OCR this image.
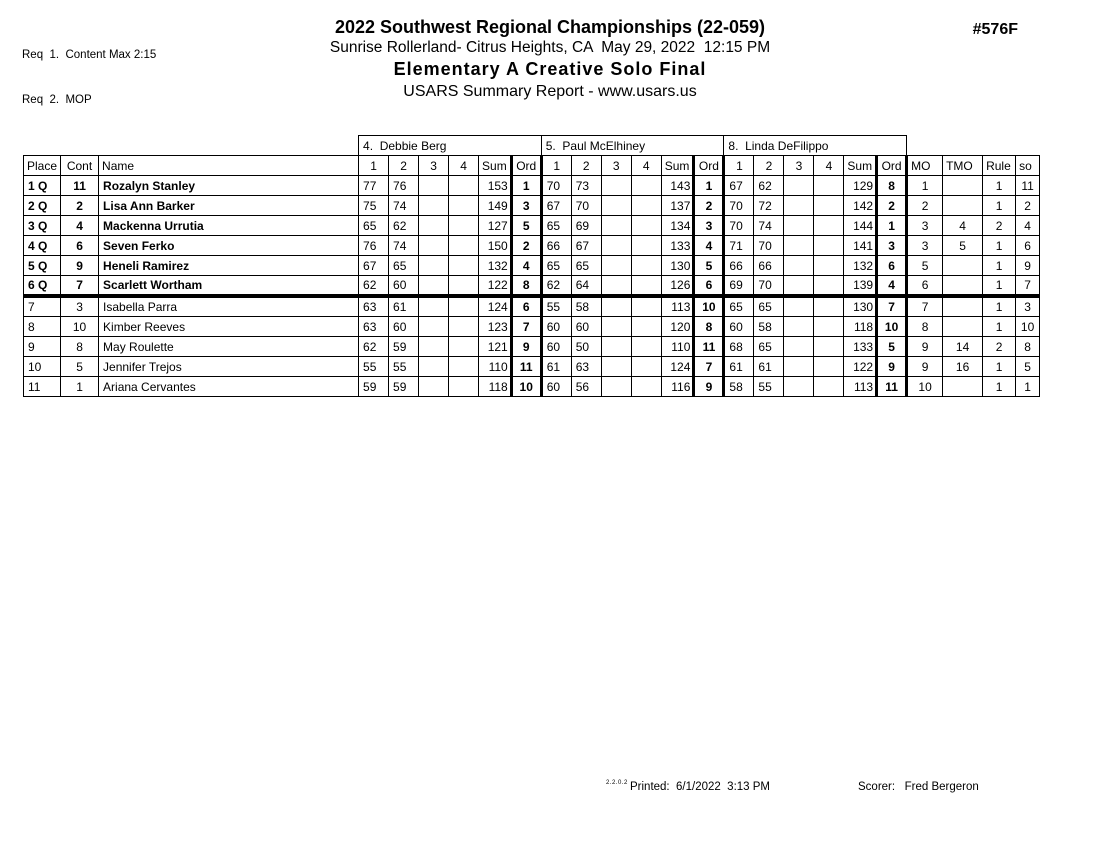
Req  1.  Content Max 2:15

Req  2.  MOP

2022 Southwest Regional Championships (22-059)
Sunrise Rollerland- Citrus Heights, CA  May 29, 2022  12:15 PM
Elementary A Creative Solo Final
USARS Summary Report - www.usars.us
#576F
			4.  Debbie Berg						5.  Paul McElhiney						8.  Linda DeFilippo									
Place	Cont	Name	1	2	3	4	Sum	Ord	1	2	3	4	Sum	Ord	1	2	3	4	Sum	Ord	MO	TMO	Rule	so
1 Q	11	Rozalyn Stanley	77	76			153	1	70	73			143	1	67	62			129	8	1		1	11
2 Q	2	Lisa Ann Barker	75	74			149	3	67	70			137	2	70	72			142	2	2		1	2
3 Q	4	Mackenna Urrutia	65	62			127	5	65	69			134	3	70	74			144	1	3	4	2	4
4 Q	6	Seven Ferko	76	74			150	2	66	67			133	4	71	70			141	3	3	5	1	6
5 Q	9	Heneli Ramirez	67	65			132	4	65	65			130	5	66	66			132	6	5		1	9
6 Q	7	Scarlett Wortham	62	60			122	8	62	64			126	6	69	70			139	4	6		1	7
7	3	Isabella Parra	63	61			124	6	55	58			113	10	65	65			130	7	7		1	3
8	10	Kimber Reeves	63	60			123	7	60	60			120	8	60	58			118	10	8		1	10
9	8	May Roulette	62	59			121	9	60	50			110	11	68	65			133	5	9	14	2	8
10	5	Jennifer Trejos	55	55			110	11	61	63			124	7	61	61			122	9	9	16	1	5
11	1	Ariana Cervantes	59	59			118	10	60	56			116	9	58	55			113	11	10		1	1
2.2.0.2 Printed:  6/1/2022  3:13 PM	Scorer:   Fred Bergeron
